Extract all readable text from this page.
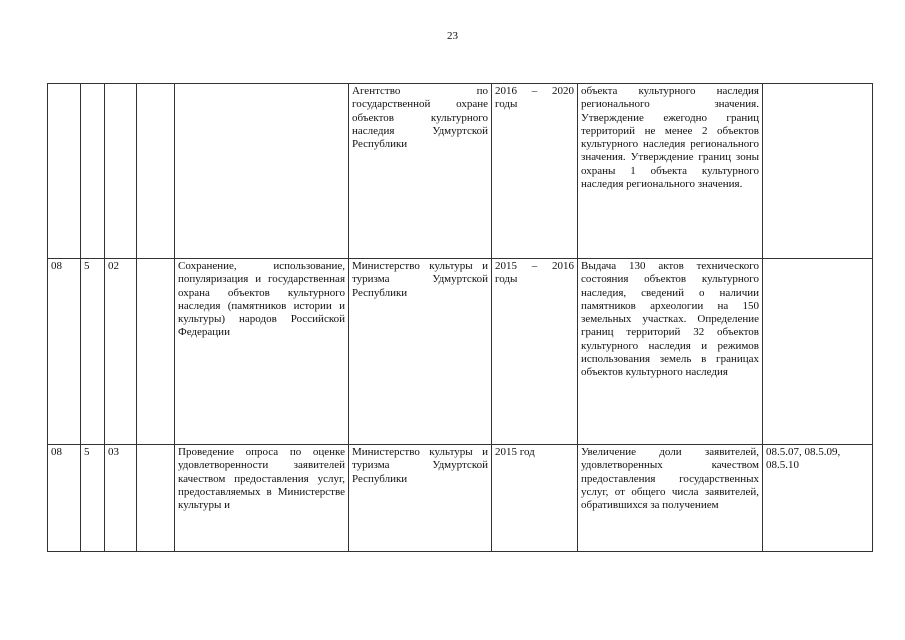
23
					Агентство по государственной охране объектов культурного наследия Удмуртской Республики	2016 – 2020 годы	объекта культурного наследия регионального значения. Утверждение ежегодно границ территорий не менее 2 объектов культурного наследия регионального значения. Утверждение границ зоны охраны 1 объекта культурного наследия регионального значения.	
08	5	02		Сохранение, использование, популяризация и государственная охрана объектов культурного наследия (памятников истории и культуры) народов Российской Федерации	Министерство культуры и туризма Удмуртской Республики	2015 – 2016 годы	Выдача 130 актов технического состояния объектов культурного наследия, сведений о наличии памятников археологии на 150 земельных участках. Определение границ территорий 32 объектов культурного наследия и режимов использования земель в границах объектов культурного наследия	
08	5	03		Проведение опроса по оценке удовлетворенности заявителей качеством предоставления услуг, предоставляемых в Министерстве культуры и	Министерство культуры и туризма Удмуртской Республики	2015 год	Увеличение доли заявителей, удовлетворенных качеством предоставления государственных услуг, от общего числа заявителей, обратившихся за получением	08.5.07, 08.5.09, 08.5.10
